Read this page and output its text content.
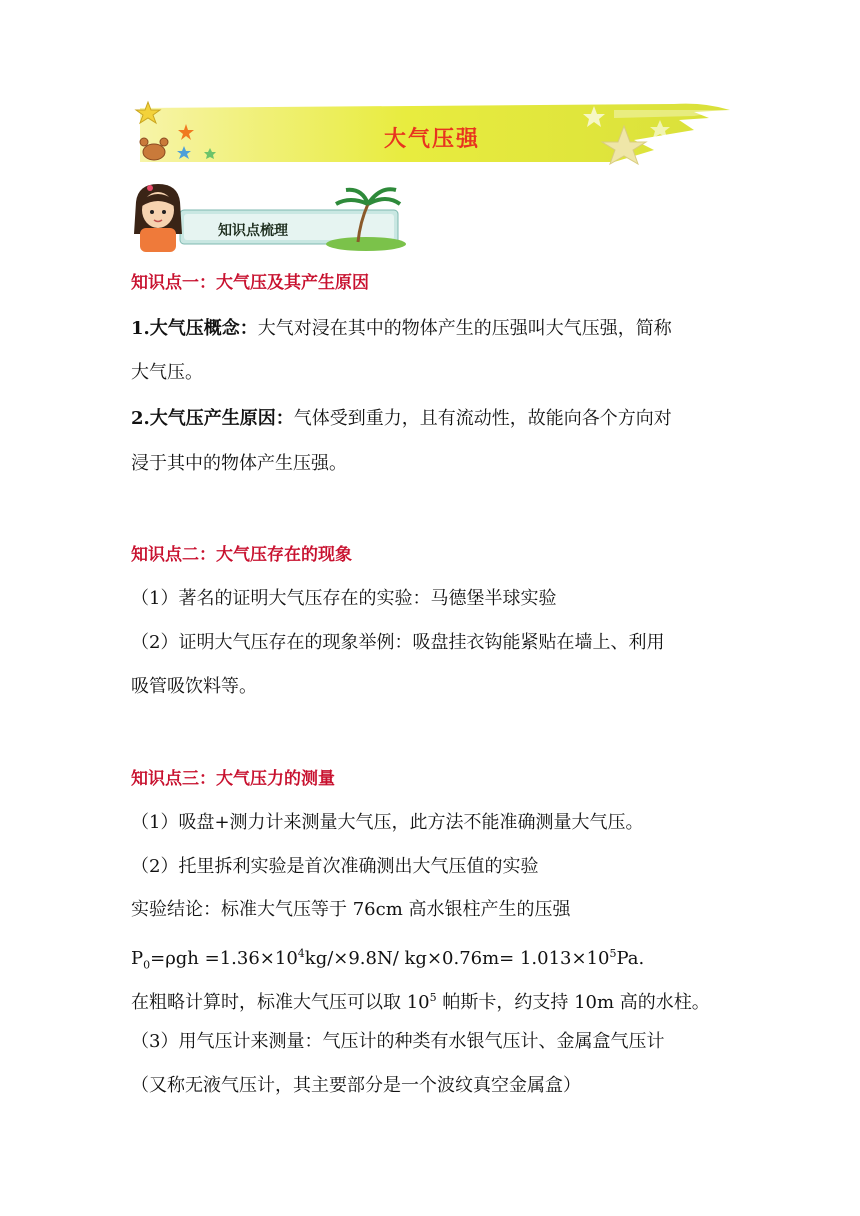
大气压强
知识点梳理
知识点一：大气压及其产生原因
1.大气压概念：大气对浸在其中的物体产生的压强叫大气压强，简称
大气压。
2.大气压产生原因：气体受到重力，且有流动性，故能向各个方向对
浸于其中的物体产生压强。
知识点二：大气压存在的现象
（1）著名的证明大气压存在的实验：马德堡半球实验
（2）证明大气压存在的现象举例：吸盘挂衣钩能紧贴在墙上、利用
吸管吸饮料等。
知识点三：大气压力的测量
（1）吸盘+测力计来测量大气压，此方法不能准确测量大气压。
（2）托里拆利实验是首次准确测出大气压值的实验
实验结论：标准大气压等于 76cm 高水银柱产生的压强
$P_0=\rho gh =1.36\times 10^4kg/\times 9.8N/$ $kg\times 0.76m= 1.013\times 10^5Pa$.
在粗略计算时，标准大气压可以取 $10^5$ 帕斯卡，约支持 10m 高的水柱。
（3）用气压计来测量：气压计的种类有水银气压计、金属盒气压计
（又称无液气压计，其主要部分是一个波纹真空金属盒）
